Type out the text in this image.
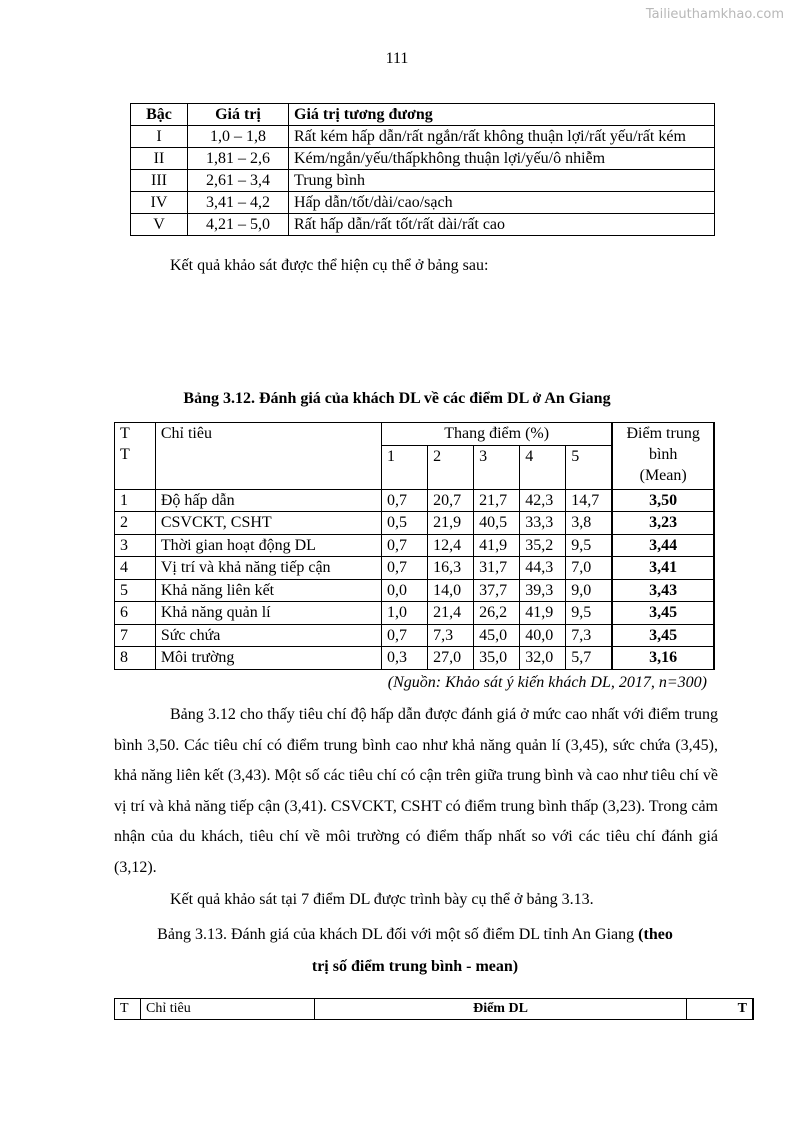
Tailieuthamkhao.com
111
Bậc	Giá trị	Giá trị tương đương
I	1,0 – 1,8	Rất kém hấp dẫn/rất ngắn/rất không thuận lợi/rất yếu/rất kém
II	1,81 – 2,6	Kém/ngắn/yếu/thấpkhông thuận lợi/yếu/ô nhiễm
III	2,61 – 3,4	Trung bình
IV	3,41 – 4,2	Hấp dẫn/tốt/dài/cao/sạch
V	4,21 – 5,0	Rất hấp dẫn/rất tốt/rất dài/rất cao
Kết quả khảo sát được thể hiện cụ thể ở bảng sau:
Bảng 3.12. Đánh giá của khách DL về các điểm DL ở An Giang
T
T	Chỉ tiêu	Thang điểm (%)					Điểm trung
bình
(Mean)
		1	2	3	4	5	
1	Độ hấp dẫn	0,7	20,7	21,7	42,3	14,7	3,50
2	CSVCKT, CSHT	0,5	21,9	40,5	33,3	3,8	3,23
3	Thời gian hoạt động DL	0,7	12,4	41,9	35,2	9,5	3,44
4	Vị trí và khả năng tiếp cận	0,7	16,3	31,7	44,3	7,0	3,41
5	Khả năng liên kết	0,0	14,0	37,7	39,3	9,0	3,43
6	Khả năng quản lí	1,0	21,4	26,2	41,9	9,5	3,45
7	Sức chứa	0,7	7,3	45,0	40,0	7,3	3,45
8	Môi trường	0,3	27,0	35,0	32,0	5,7	3,16
(Nguồn: Khảo sát ý kiến khách DL, 2017, n=300)

Bảng 3.12 cho thấy tiêu chí độ hấp dẫn được đánh giá ở mức cao nhất với điểm trung bình 3,50. Các tiêu chí có điểm trung bình cao như khả năng quản lí (3,45), sức chứa (3,45), khả năng liên kết (3,43). Một số các tiêu chí có cận trên giữa trung bình và cao như tiêu chí về vị trí và khả năng tiếp cận (3,41). CSVCKT, CSHT có điểm trung bình thấp (3,23). Trong cảm nhận của du khách, tiêu chí về môi trường có điểm thấp nhất so với các tiêu chí đánh giá (3,12).

Kết quả khảo sát tại 7 điểm DL được trình bày cụ thể ở bảng 3.13.
Bảng 3.13. Đánh giá của khách DL đối với một số điểm DL tỉnh An Giang (theo
trị số điểm trung bình - mean)
T	Chỉ tiêu	Điểm DL	T
